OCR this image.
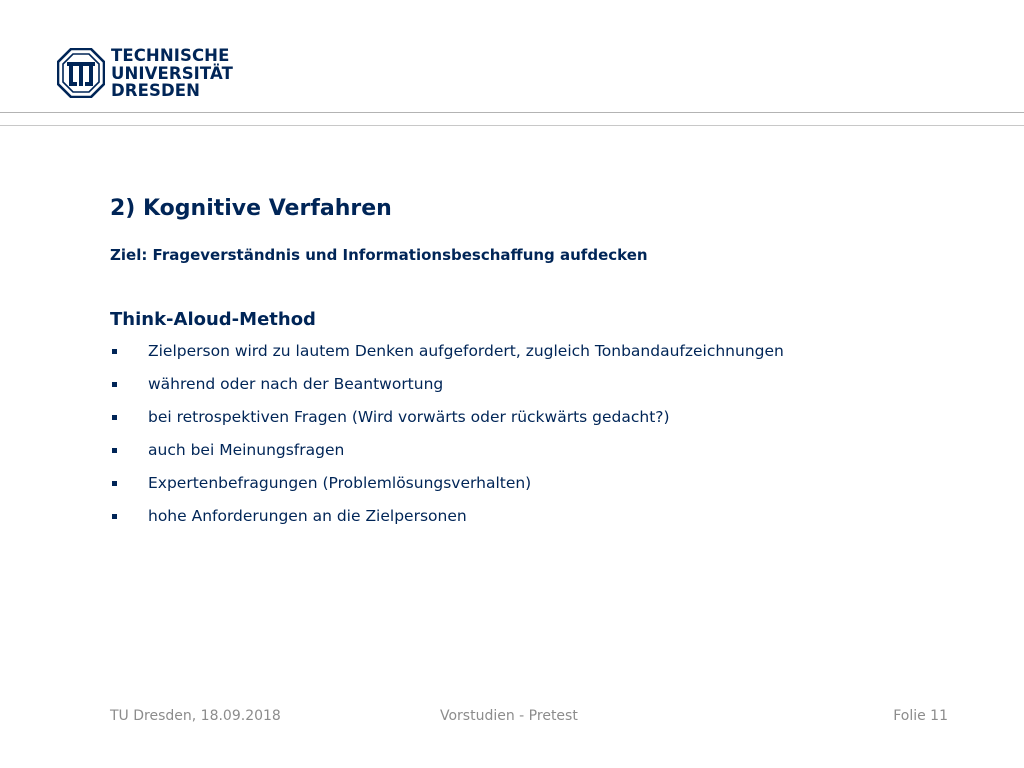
TECHNISCHE
UNIVERSITÄT
DRESDEN
2) Kognitive Verfahren
Ziel: Frageverständnis und Informationsbeschaffung aufdecken
Think-Aloud-Method
Zielperson wird zu lautem Denken aufgefordert, zugleich Tonbandaufzeichnungen
während oder nach der Beantwortung
bei retrospektiven Fragen (Wird vorwärts oder rückwärts gedacht?)
auch bei Meinungsfragen
Expertenbefragungen (Problemlösungsverhalten)
hohe Anforderungen an die Zielpersonen
TU Dresden, 18.09.2018	Vorstudien - Pretest	Folie 11
